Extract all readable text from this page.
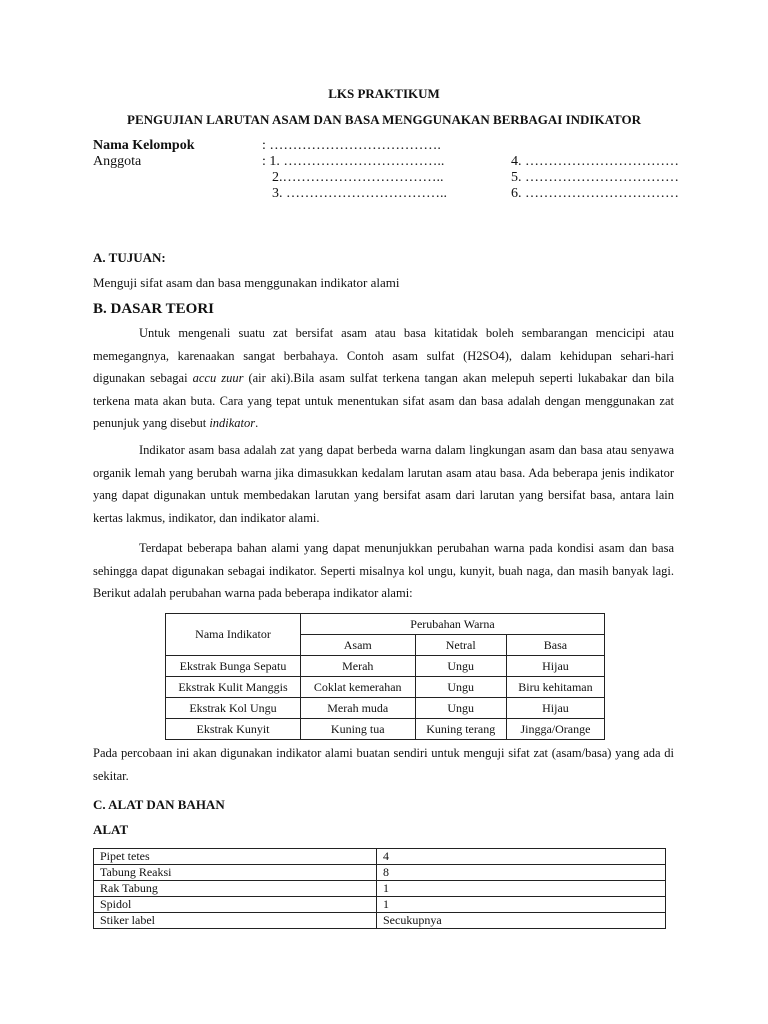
LKS PRAKTIKUM
PENGUJIAN LARUTAN ASAM DAN BASA MENGGUNAKAN BERBAGAI INDIKATOR
Nama Kelompok	: ……………………………….
Anggota	: 1. ……………………………..
2.……………………………..
3. ……………………………..
4. ……………………………
5. ……………………………
6. ……………………………
A. TUJUAN:
Menguji sifat asam dan basa menggunakan indikator alami
B. DASAR TEORI
Untuk mengenali suatu zat bersifat asam atau basa kitatidak boleh sembarangan mencicipi atau memegangnya, karenaakan sangat berbahaya. Contoh asam sulfat (H2SO4), dalam kehidupan sehari-hari digunakan sebagai accu zuur (air aki).Bila asam sulfat terkena tangan akan melepuh seperti lukabakar dan bila terkena mata akan buta. Cara yang tepat untuk menentukan sifat asam dan basa adalah dengan menggunakan zat penunjuk yang disebut indikator.
Indikator asam basa adalah zat yang dapat berbeda warna dalam lingkungan asam dan basa atau senyawa organik lemah yang berubah warna jika dimasukkan kedalam larutan asam atau basa. Ada beberapa jenis indikator yang dapat digunakan untuk membedakan larutan yang bersifat asam dari larutan yang bersifat basa, antara lain kertas lakmus, indikator, dan indikator alami.
Terdapat beberapa bahan alami yang dapat menunjukkan perubahan warna pada kondisi asam dan basa sehingga dapat digunakan sebagai indikator. Seperti misalnya kol ungu, kunyit, buah naga, dan masih banyak lagi. Berikut adalah perubahan warna pada beberapa indikator alami:
Nama Indikator	Perubahan Warna		
	Asam	Netral	Basa
Ekstrak Bunga Sepatu	Merah	Ungu	Hijau
Ekstrak Kulit Manggis	Coklat kemerahan	Ungu	Biru kehitaman
Ekstrak Kol Ungu	Merah muda	Ungu	Hijau
Ekstrak Kunyit	Kuning tua	Kuning terang	Jingga/Orange
Pada percobaan ini akan digunakan indikator alami buatan sendiri untuk menguji sifat zat (asam/basa) yang ada di sekitar.
C. ALAT DAN BAHAN
ALAT
Pipet tetes	4
Tabung Reaksi	8
Rak Tabung	1
Spidol	1
Stiker label	Secukupnya
